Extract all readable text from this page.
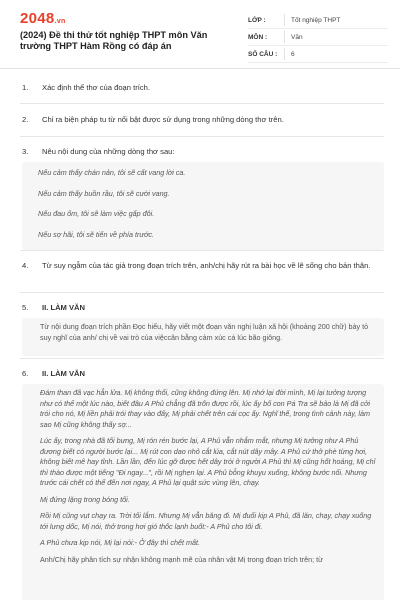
2048.vn
(2024) Đề thi thử tốt nghiệp THPT môn Văn trường THPT Hàm Rồng có đáp án
LỚP :	Tốt nghiệp THPT
MÔN :	Văn
SỐ CÂU :	6
1.	Xác định thể thơ của đoạn trích.
2.	Chỉ ra biện pháp tu từ nổi bật được sử dụng trong những dòng thơ trên.
3.	Nêu nội dung của những dòng thơ sau:

Nếu cảm thấy chán nản, tôi sẽ cất vang lời ca.

Nếu cảm thấy buồn rầu, tôi sẽ cười vang.

Nếu đau ốm, tôi sẽ làm việc gấp đôi.

Nếu sợ hãi, tôi sẽ tiến về phía trước.

4.	Từ suy ngẫm của tác giả trong đoạn trích trên, anh/chị hãy rút ra bài học về lẽ sống cho bản thân.
5.	II. LÀM VĂN

Từ nội dung đoạn trích phần Đọc hiểu, hãy viết một đoạn văn nghị luận xã hội (khoảng 200 chữ) bày tỏ suy nghĩ của anh/ chị về vai trò của việccân bằng cảm xúc cá lúc bão giông.

6.	II. LÀM VĂN

Đám than đã vạc hẳn lửa. Mị không thổi, cũng không đứng lên. Mị nhớ lại đời mình, Mị lại tưởng tượng như có thể một lúc nào, biết đâu A Phủ chẳng đã trốn được rồi, lúc ấy bố con Pá Tra sẽ bảo là Mị đã cởi trói cho nó, Mị liền phải trói thay vào đấy, Mị phải chết trên cái cọc ấy. Nghĩ thế, trong tình cảnh này, làm sao Mị cũng không thấy sợ...

Lúc ấy, trong nhà đã tối bưng, Mị rón rén bước lại, A Phủ vẫn nhắm mắt, nhưng Mị tưởng như A Phủ đương biết có người bước lại... Mị rút con dao nhỏ cắt lúa, cắt nút dây mây. A Phủ cứ thở phè từng hơi, không biết mê hay tỉnh. Lần lần, đến lúc gỡ được hết dây trói ở người A Phủ thì Mị cũng hốt hoảng, Mị chỉ thì thào được một tiếng "Đi ngay...", rồi Mị nghẹn lại. A Phủ bỗng khuỵu xuống, không bước nổi. Nhưng trước cái chết có thể đến nơi ngay, A Phủ lại quật sức vùng lên, chạy.

Mị đứng lặng trong bóng tối.

Rồi Mị cũng vụt chạy ra. Trời tối lắm. Nhưng Mị vẫn băng đi. Mị đuổi kịp A Phủ, đã lăn, chạy, chạy xuống tới lưng dốc, Mị nói, thở trong hơi gió thốc lạnh buốt:- A Phủ cho tôi đi.

A Phủ chưa kịp nói, Mị lại nói:- Ở đây thì chết mất.

Anh/Chị hãy phân tích sự nhận không mạnh mẽ của nhân vật Mị trong đoạn trích trên; từ
